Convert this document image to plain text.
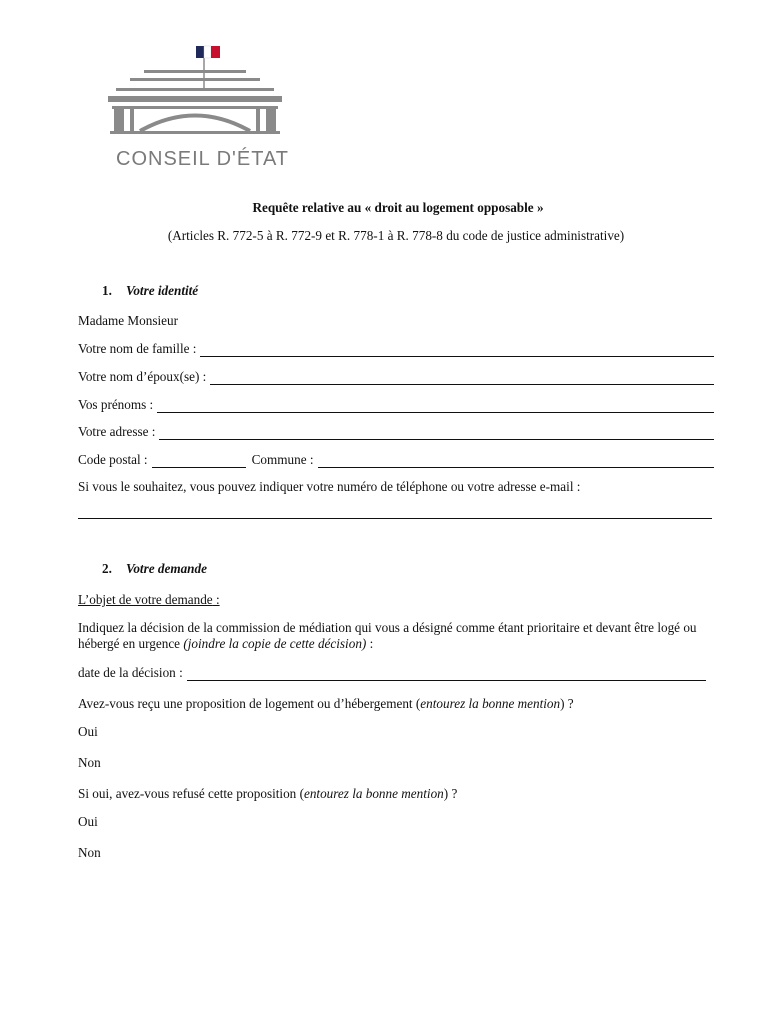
CONSEIL D'ÉTAT
Requête relative au « droit au logement opposable »
(Articles R. 772-5 à R. 772-9 et R. 778-1 à R. 778-8 du code de justice administrative)
1. Votre identité
Madame Monsieur
Votre nom de famille :
Votre nom d’époux(se) :
Vos prénoms :
Votre adresse :
Code postal :	Commune :
Si vous le souhaitez, vous pouvez indiquer votre numéro de téléphone ou votre adresse e-mail :
2. Votre demande
L’objet de votre demande :
Indiquez la décision de la commission de médiation qui vous a désigné comme étant prioritaire et devant être logé ou hébergé en urgence (joindre la copie de cette décision) :
date de la décision :
Avez-vous reçu une proposition de logement ou d’hébergement (entourez la bonne mention) ?
Oui
Non
Si oui, avez-vous refusé cette proposition (entourez la bonne mention) ?
Oui
Non
